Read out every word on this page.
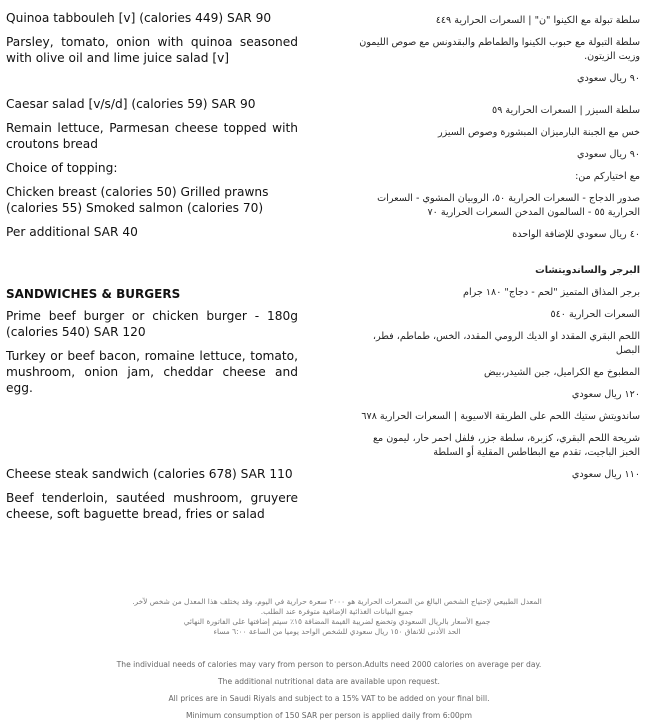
Quinoa tabbouleh [v] (calories 449) SAR 90

Parsley, tomato, onion with quinoa seasoned with olive oil and lime juice salad [v]

Caesar salad [v/s/d] (calories 59) SAR 90

Remain lettuce, Parmesan cheese topped with croutons bread

Choice of topping:

Chicken breast (calories 50) Grilled prawns (calories 55) Smoked salmon (calories 70)

Per additional SAR 40

SANDWICHES & BURGERS

Prime beef burger or chicken burger - 180g (calories 540) SAR 120

Turkey or beef bacon, romaine lettuce, tomato, mushroom, onion jam, cheddar cheese and egg.

Cheese steak sandwich (calories 678) SAR 110

Beef tenderloin, sautéed mushroom, gruyere cheese, soft baguette bread, fries or salad

سلطة تبولة مع الكينوا "ن" | السعرات الحرارية ٤٤٩

سلطة التبولة مع حبوب الكينوا والطماطم والبقدونس مع صوص الليمون وزيت الزيتون.

٩٠ ريال سعودي

سلطة السيزر | السعرات الحرارية ٥٩

خس مع الجبنة البارميزان المبشورة وصوص السيزر

٩٠ ريال سعودي

مع اختياركم من:

صدور الدجاج - السعرات الحرارية ٥٠، الروبيان المشوي - السعرات الحرارية ٥٥ - السالمون المدخن السعرات الحرارية ٧٠

٤٠ ريال سعودي للإضافة الواحدة

البرجر والساندويتشات

برجر المذاق المتميز "لحم - دجاج" ١٨٠ جرام

السعرات الحرارية ٥٤٠

اللحم البقري المقدد او الديك الرومي المقدد، الخس، طماطم، فطر، البصل

المطبوخ مع الكراميل، جبن الشيدر،بيض

١٢٠ ريال سعودي

ساندويتش ستيك اللحم على الطريقة الاسيوية | السعرات الحرارية ٦٧٨

شريحة اللحم البقري، كزبرة، سلطة جزر، فلفل احمر حار، ليمون مع الخبز الباجيت، تقدم مع البطاطس المقلية أو السلطة

١١٠ ريال سعودي

المعدل الطبيعي لإحتياج الشخص البالغ من السعرات الحرارية هو ٢٠٠٠ سعرة حرارية في اليوم، وقد يختلف هذا المعدل من شخص لآخر.

جميع البيانات الغذائية الإضافية متوفرة عند الطلب.

جميع الأسعار بالريال السعودي وتخضع لضريبة القيمة المضافة ١٥٪ سيتم إضافتها على الفاتورة النهائي

الحد الأدنى للانفاق ١٥٠ ريال سعودي للشخص الواحد يوميا من الساعة ٦:٠٠ مساء

The individual needs of calories may vary from person to person.Adults need 2000 calories on average per day.

The additional nutritional data are available upon request.

All prices are in Saudi Riyals and subject to a 15% VAT to be added on your final bill.

Minimum consumption of 150 SAR per person is applied daily from 6:00pm
